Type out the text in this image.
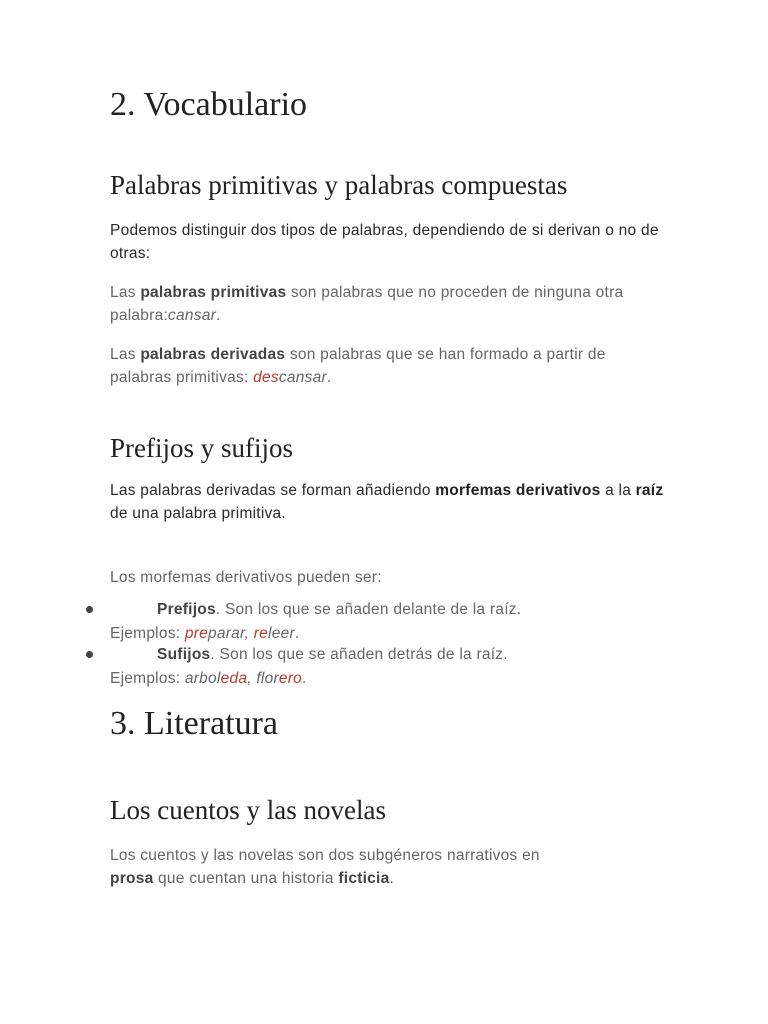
2. Vocabulario
Palabras primitivas y palabras compuestas

Podemos distinguir dos tipos de palabras, dependiendo de si derivan o no de otras:

Las palabras primitivas son palabras que no proceden de ninguna otra palabra:cansar.

Las palabras derivadas son palabras que se han formado a partir de palabras primitivas: descansar.

Prefijos y sufijos

Las palabras derivadas se forman añadiendo morfemas derivativos a la raíz de una palabra primitiva.

Los morfemas derivativos pueden ser:

Prefijos. Son los que se añaden delante de la raíz.

Ejemplos: preparar, releer.

Sufijos. Son los que se añaden detrás de la raíz.

Ejemplos: arboleda, florero.

3. Literatura
Los cuentos y las novelas

Los cuentos y las novelas son dos subgéneros narrativos en prosa que cuentan una historia ficticia.
